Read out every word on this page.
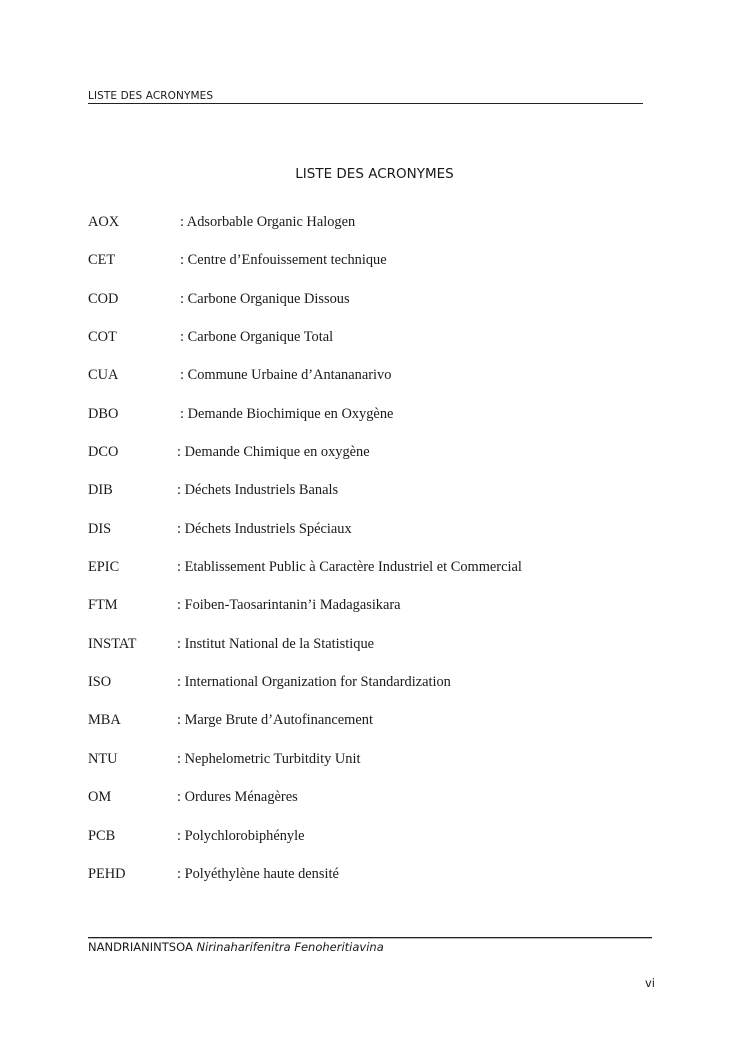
LISTE DES ACRONYMES
LISTE DES ACRONYMES
AOX	: Adsorbable Organic Halogen
CET	: Centre d’Enfouissement technique
COD	: Carbone Organique Dissous
COT	: Carbone Organique Total
CUA	: Commune Urbaine d’Antananarivo
DBO	: Demande Biochimique en Oxygène
DCO	: Demande Chimique en oxygène
DIB	: Déchets Industriels Banals
DIS	: Déchets Industriels Spéciaux
EPIC	: Etablissement Public à Caractère Industriel et Commercial
FTM	: Foiben-Taosarintanin’i Madagasikara
INSTAT	: Institut National de la Statistique
ISO	: International Organization for Standardization
MBA	: Marge Brute d’Autofinancement
NTU	: Nephelometric Turbitdity Unit
OM	: Ordures Ménagères
PCB	: Polychlorobiphényle
PEHD	: Polyéthylène haute densité
NANDRIANINTSOA Nirinaharifenitra Fenoheritiavina
vi
